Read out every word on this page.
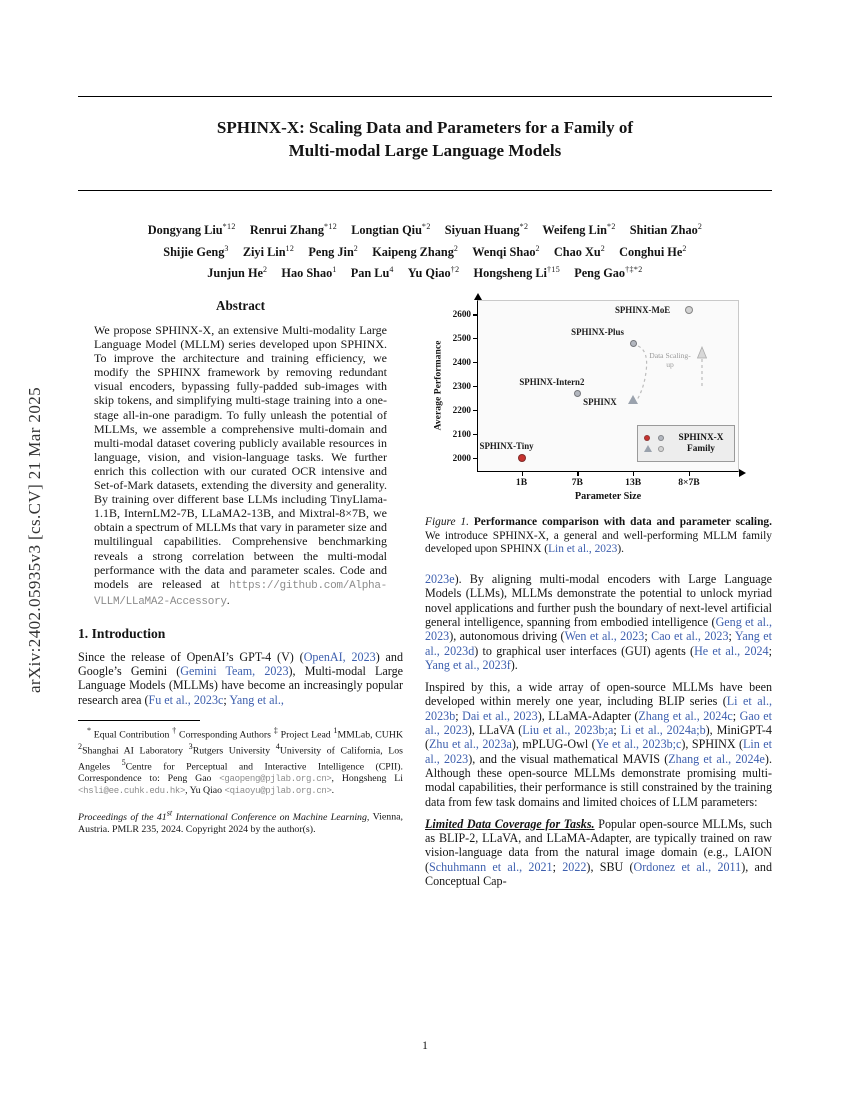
arXiv:2402.05935v3 [cs.CV] 21 Mar 2025
SPHINX-X: Scaling Data and Parameters for a Family of
Multi-modal Large Language Models
Dongyang Liu$^{*12}$ Renrui Zhang$^{*12}$ Longtian Qiu$^{*2}$ Siyuan Huang$^{*2}$ Weifeng Lin$^{*2}$ Shitian Zhao$^2$
Shijie Geng$^3$ Ziyi Lin$^{12}$ Peng Jin$^2$ Kaipeng Zhang$^2$ Wenqi Shao$^2$ Chao Xu$^2$ Conghui He$^2$
Junjun He$^2$ Hao Shao$^1$ Pan Lu$^4$ Yu Qiao$^{\dagger 2}$ Hongsheng Li$^{\dagger 15}$ Peng Gao$^{\dagger\ddagger*2}$
Abstract
We propose SPHINX-X, an extensive Multi-modality Large Language Model (MLLM) series developed upon SPHINX. To improve the architecture and training efficiency, we modify the SPHINX framework by removing redundant visual encoders, bypassing fully-padded sub-images with skip tokens, and simplifying multi-stage training into a one-stage all-in-one paradigm. To fully unleash the potential of MLLMs, we assemble a comprehensive multi-domain and multi-modal dataset covering publicly available resources in language, vision, and vision-language tasks. We further enrich this collection with our curated OCR intensive and Set-of-Mark datasets, extending the diversity and generality. By training over different base LLMs including TinyLlama-1.1B, InternLM2-7B, LLaMA2-13B, and Mixtral-8×7B, we obtain a spectrum of MLLMs that vary in parameter size and multilingual capabilities. Comprehensive benchmarking reveals a strong correlation between the multi-modal performance with the data and parameter scales. Code and models are released at https://github.com/Alpha-VLLM/LLaMA2-Accessory.
1. Introduction
Since the release of OpenAI’s GPT-4 (V) (OpenAI, 2023) and Google’s Gemini (Gemini Team, 2023), Multi-modal Large Language Models (MLLMs) have become an increasingly popular research area (Fu et al., 2023c; Yang et al.,
* Equal Contribution † Corresponding Authors ‡ Project Lead $^1$MMLab, CUHK $^2$Shanghai AI Laboratory $^3$Rutgers University $^4$University of California, Los Angeles $^5$Centre for Perceptual and Interactive Intelligence (CPII). Correspondence to: Peng Gao <gaopeng@pjlab.org.cn>, Hongsheng Li <hsli@ee.cuhk.edu.hk>, Yu Qiao <qiaoyu@pjlab.org.cn>.
Proceedings of the 41st International Conference on Machine Learning, Vienna, Austria. PMLR 235, 2024. Copyright 2024 by the author(s).
Average Performance
Parameter Size
Data Scaling-up
SPHINX-X Family
2000
2100
2200
2300
2400
2500
2600
1B	7B	13B	8×7B
SPHINX-Tiny
SPHINX-Intern2
SPHINX
SPHINX-Plus
SPHINX-MoE
Figure 1. Performance comparison with data and parameter scaling. We introduce SPHINX-X, a general and well-performing MLLM family developed upon SPHINX (Lin et al., 2023).
2023e). By aligning multi-modal encoders with Large Language Models (LLMs), MLLMs demonstrate the potential to unlock myriad novel applications and further push the boundary of next-level artificial general intelligence, spanning from embodied intelligence (Geng et al., 2023), autonomous driving (Wen et al., 2023; Cao et al., 2023; Yang et al., 2023d) to graphical user interfaces (GUI) agents (He et al., 2024; Yang et al., 2023f).
Inspired by this, a wide array of open-source MLLMs have been developed within merely one year, including BLIP series (Li et al., 2023b; Dai et al., 2023), LLaMA-Adapter (Zhang et al., 2024c; Gao et al., 2023), LLaVA (Liu et al., 2023b;a; Li et al., 2024a;b), MiniGPT-4 (Zhu et al., 2023a), mPLUG-Owl (Ye et al., 2023b;c), SPHINX (Lin et al., 2023), and the visual mathematical MAVIS (Zhang et al., 2024e). Although these open-source MLLMs demonstrate promising multi-modal capabilities, their performance is still constrained by the training data from few task domains and limited choices of LLM parameters:
Limited Data Coverage for Tasks. Popular open-source MLLMs, such as BLIP-2, LLaVA, and LLaMA-Adapter, are typically trained on raw vision-language data from the natural image domain (e.g., LAION (Schuhmann et al., 2021; 2022), SBU (Ordonez et al., 2011), and Conceptual Cap-
1
